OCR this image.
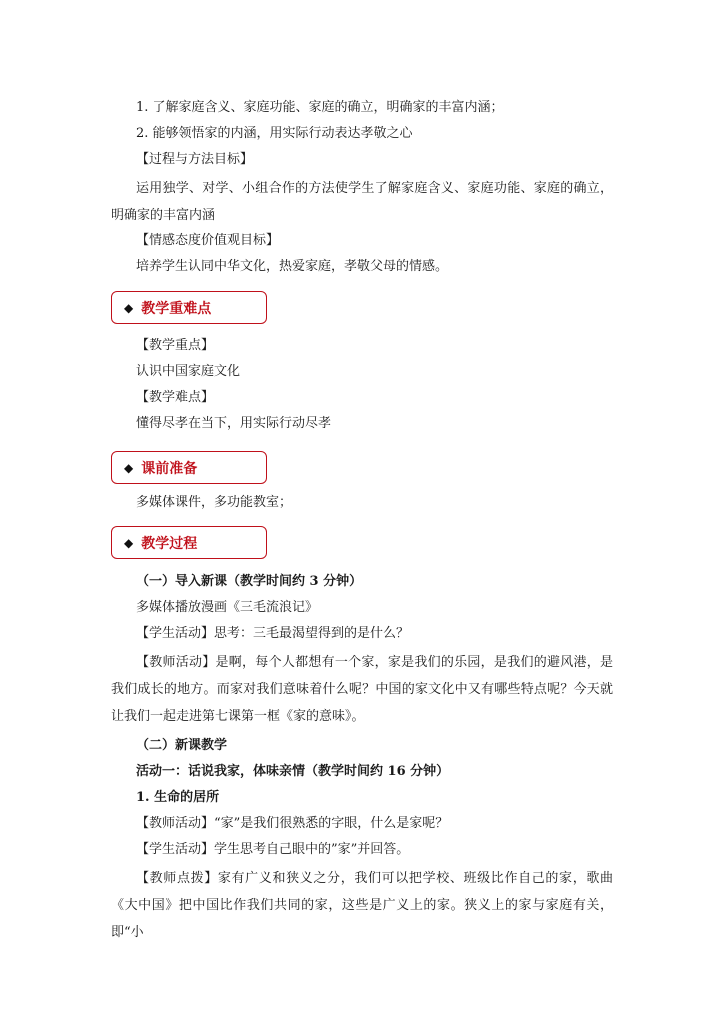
1. 了解家庭含义、家庭功能、家庭的确立，明确家的丰富内涵；
2. 能够领悟家的内涵，用实际行动表达孝敬之心
【过程与方法目标】
运用独学、对学、小组合作的方法使学生了解家庭含义、家庭功能、家庭的确立，明确家的丰富内涵
【情感态度价值观目标】
培养学生认同中华文化，热爱家庭，孝敬父母的情感。
◆ 教学重难点
【教学重点】
认识中国家庭文化
【教学难点】
懂得尽孝在当下，用实际行动尽孝
◆ 课前准备
多媒体课件，多功能教室；
◆ 教学过程
（一）导入新课（教学时间约 3 分钟）
多媒体播放漫画《三毛流浪记》
【学生活动】思考：三毛最渴望得到的是什么？
【教师活动】是啊，每个人都想有一个家，家是我们的乐园，是我们的避风港，是我们成长的地方。而家对我们意味着什么呢？中国的家文化中又有哪些特点呢？今天就让我们一起走进第七课第一框《家的意味》。
（二）新课教学
活动一：话说我家，体味亲情（教学时间约 16 分钟）
1. 生命的居所
【教师活动】“家”是我们很熟悉的字眼，什么是家呢？
【学生活动】学生思考自己眼中的”家”并回答。
【教师点拨】家有广义和狭义之分，我们可以把学校、班级比作自己的家，歌曲《大中国》把中国比作我们共同的家，这些是广义上的家。狭义上的家与家庭有关，即“小
